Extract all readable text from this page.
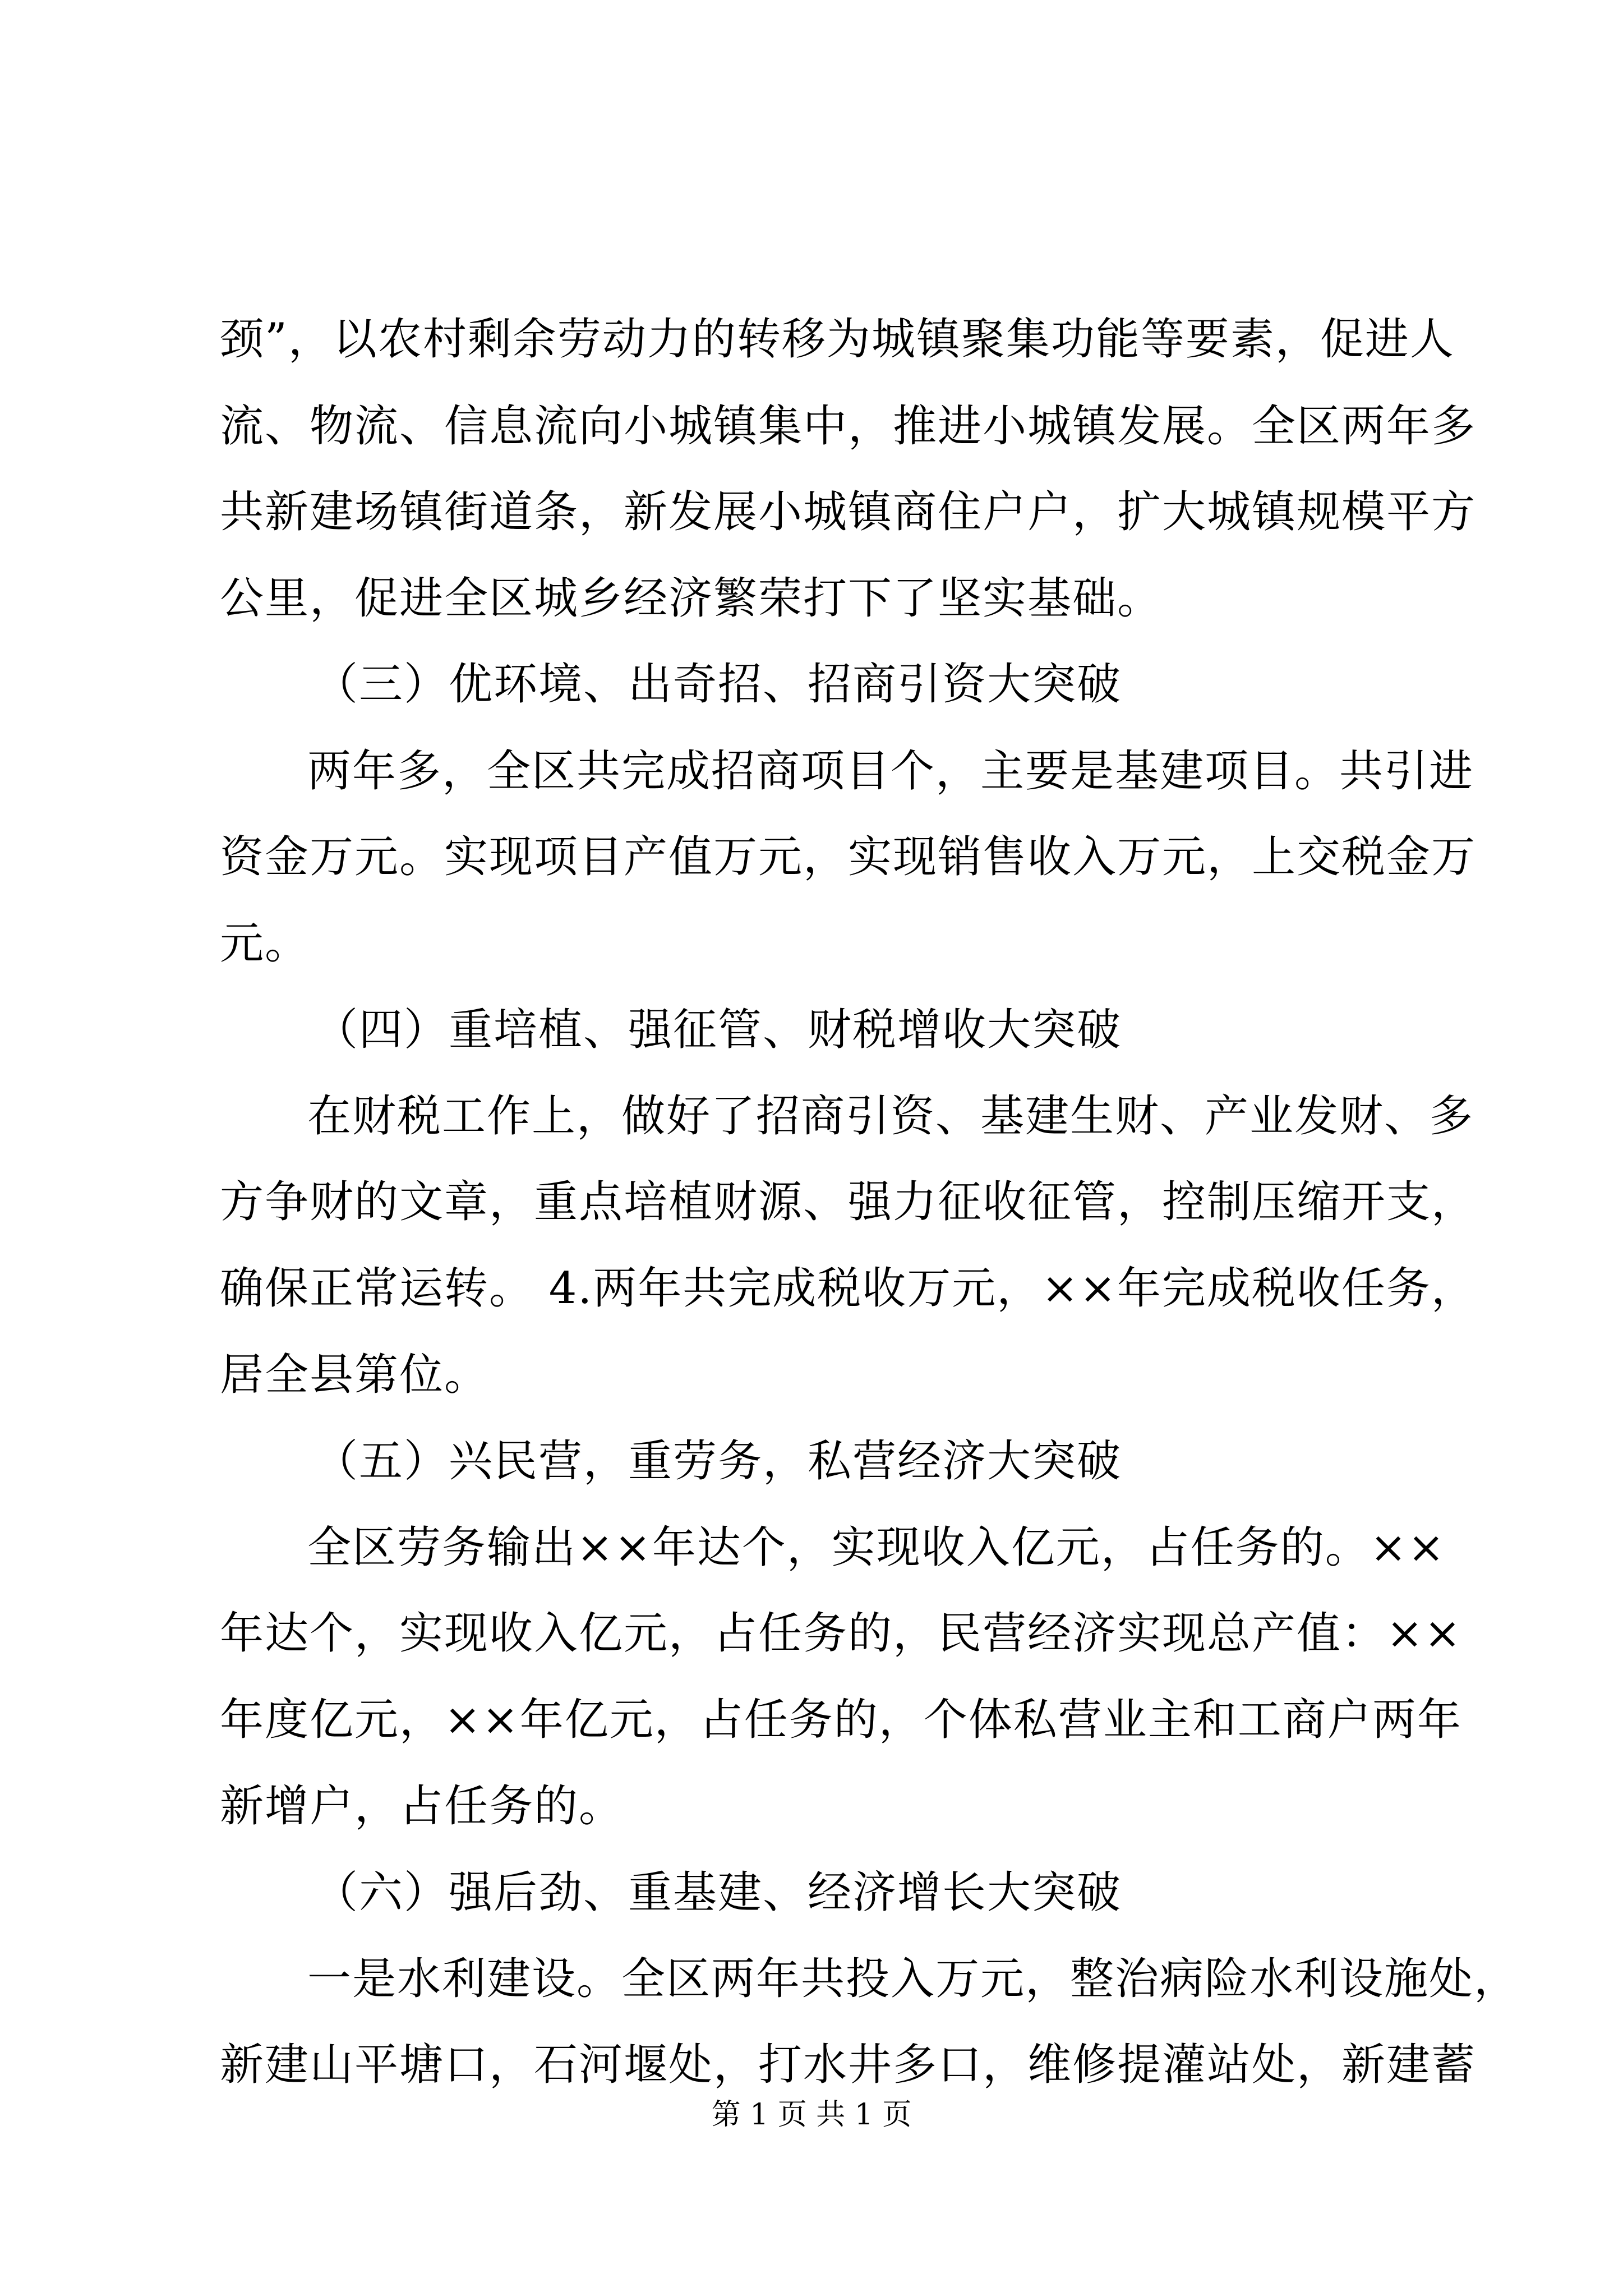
颈”，以农村剩余劳动力的转移为城镇聚集功能等要素，促进人
流、物流、信息流向小城镇集中，推进小城镇发展。全区两年多
共新建场镇街道条，新发展小城镇商住户户，扩大城镇规模平方
公里，促进全区城乡经济繁荣打下了坚实基础。
（三）优环境、出奇招、招商引资大突破
两年多，全区共完成招商项目个，主要是基建项目。共引进
资金万元。实现项目产值万元，实现销售收入万元，上交税金万
元。
（四）重培植、强征管、财税增收大突破
在财税工作上，做好了招商引资、基建生财、产业发财、多
方争财的文章，重点培植财源、强力征收征管，控制压缩开支，
确保正常运转。 4.两年共完成税收万元，××年完成税收任务，
居全县第位。
（五）兴民营，重劳务，私营经济大突破
全区劳务输出××年达个，实现收入亿元，占任务的。××
年达个，实现收入亿元，占任务的，民营经济实现总产值：××
年度亿元，××年亿元，占任务的，个体私营业主和工商户两年
新增户，占任务的。
（六）强后劲、重基建、经济增长大突破
一是水利建设。全区两年共投入万元，整治病险水利设施处，
新建山平塘口，石河堰处，打水井多口，维修提灌站处，新建蓄
第 1 页 共 1 页
